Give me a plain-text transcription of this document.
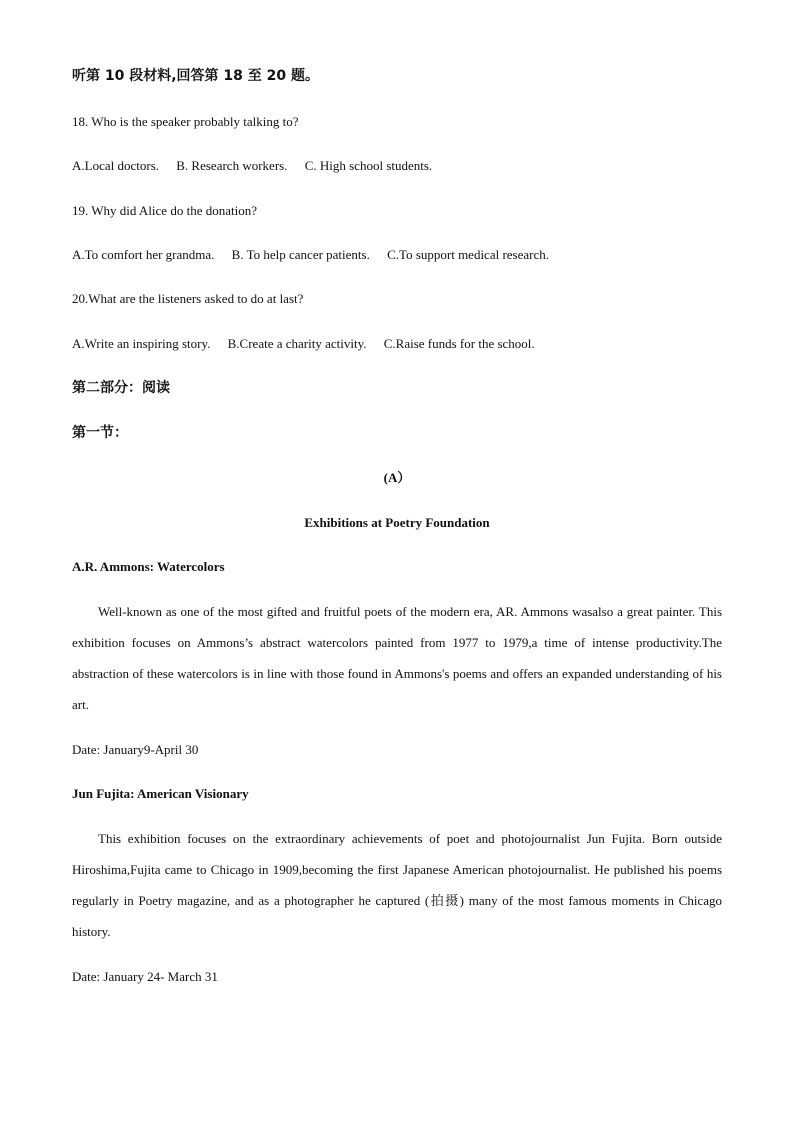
听第 10 段材料,回答第 18 至 20 题。
18. Who is the speaker probably talking to?
A.Local doctors. B. Research workers. C. High school students.
19. Why did Alice do the donation?
A.To comfort her grandma. B. To help cancer patients. C.To support medical research.
20.What are the listeners asked to do at last?
A.Write an inspiring story. B.Create a charity activity. C.Raise funds for the school.
第二部分：阅读
第一节：
(A）
Exhibitions at Poetry Foundation
A.R. Ammons: Watercolors
Well-known as one of the most gifted and fruitful poets of the modern era, AR. Ammons wasalso a great painter. This exhibition focuses on Ammons’s abstract watercolors painted from 1977 to 1979,a time of intense productivity.The abstraction of these watercolors is in line with those found in Ammons's poems and offers an expanded understanding of his art.
Date: January9-April 30
Jun Fujita: American Visionary
This exhibition focuses on the extraordinary achievements of poet and photojournalist Jun Fujita. Born outside Hiroshima,Fujita came to Chicago in 1909,becoming the first Japanese American photojournalist. He published his poems regularly in Poetry magazine, and as a photographer he captured (拍摄) many of the most famous moments in Chicago history.
Date: January 24- March 31
